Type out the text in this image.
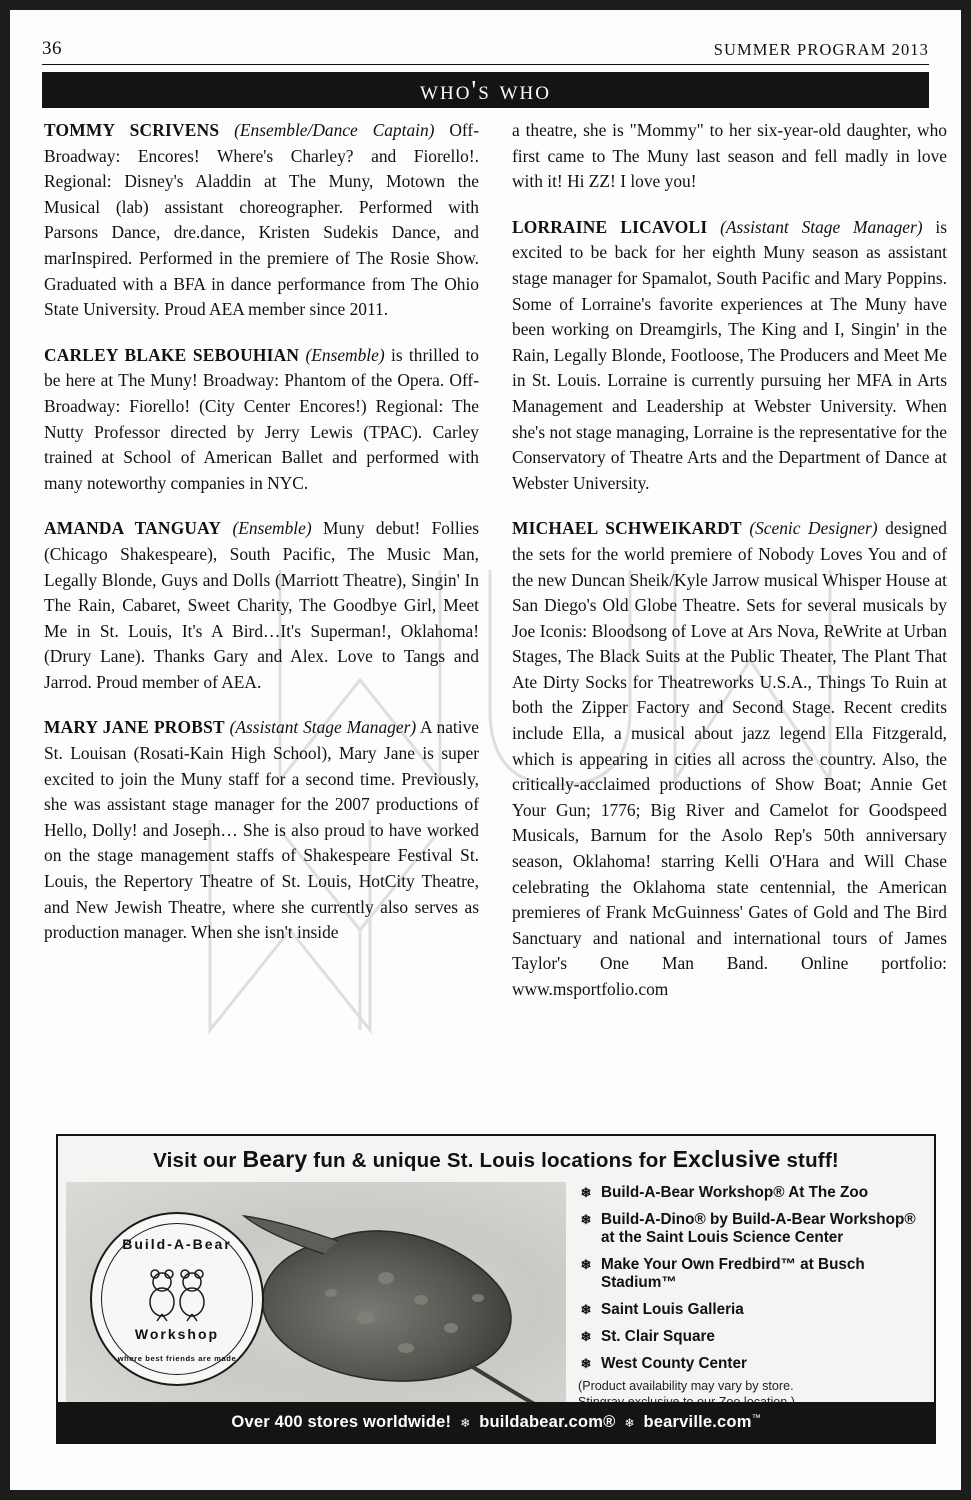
36	SUMMER PROGRAM 2013
who's who

TOMMY SCRIVENS (Ensemble/Dance Captain) Off-Broadway: Encores! Where's Charley? and Fiorello!. Regional: Disney's Aladdin at The Muny, Motown the Musical (lab) assistant choreographer. Performed with Parsons Dance, dre.dance, Kristen Sudekis Dance, and marInspired. Performed in the premiere of The Rosie Show. Graduated with a BFA in dance performance from The Ohio State University. Proud AEA member since 2011.

CARLEY BLAKE SEBOUHIAN (Ensemble) is thrilled to be here at The Muny! Broadway: Phantom of the Opera. Off-Broadway: Fiorello! (City Center Encores!) Regional: The Nutty Professor directed by Jerry Lewis (TPAC). Carley trained at School of American Ballet and performed with many noteworthy companies in NYC.

AMANDA TANGUAY (Ensemble) Muny debut! Follies (Chicago Shakespeare), South Pacific, The Music Man, Legally Blonde, Guys and Dolls (Marriott Theatre), Singin' In The Rain, Cabaret, Sweet Charity, The Goodbye Girl, Meet Me in St. Louis, It's A Bird…It's Superman!, Oklahoma! (Drury Lane). Thanks Gary and Alex. Love to Tangs and Jarrod. Proud member of AEA.

MARY JANE PROBST (Assistant Stage Manager) A native St. Louisan (Rosati-Kain High School), Mary Jane is super excited to join the Muny staff for a second time. Previously, she was assistant stage manager for the 2007 productions of Hello, Dolly! and Joseph… She is also proud to have worked on the stage management staffs of Shakespeare Festival St. Louis, the Repertory Theatre of St. Louis, HotCity Theatre, and New Jewish Theatre, where she currently also serves as production manager. When she isn't inside

a theatre, she is "Mommy" to her six-year-old daughter, who first came to The Muny last season and fell madly in love with it! Hi ZZ! I love you!

LORRAINE LICAVOLI (Assistant Stage Manager) is excited to be back for her eighth Muny season as assistant stage manager for Spamalot, South Pacific and Mary Poppins. Some of Lorraine's favorite experiences at The Muny have been working on Dreamgirls, The King and I, Singin' in the Rain, Legally Blonde, Footloose, The Producers and Meet Me in St. Louis. Lorraine is currently pursuing her MFA in Arts Management and Leadership at Webster University. When she's not stage managing, Lorraine is the representative for the Conservatory of Theatre Arts and the Department of Dance at Webster University.

MICHAEL SCHWEIKARDT (Scenic Designer) designed the sets for the world premiere of Nobody Loves You and of the new Duncan Sheik/Kyle Jarrow musical Whisper House at San Diego's Old Globe Theatre. Sets for several musicals by Joe Iconis: Bloodsong of Love at Ars Nova, ReWrite at Urban Stages, The Black Suits at the Public Theater, The Plant That Ate Dirty Socks for Theatreworks U.S.A., Things To Ruin at both the Zipper Factory and Second Stage. Recent credits include Ella, a musical about jazz legend Ella Fitzgerald, which is appearing in cities all across the country. Also, the critically-acclaimed productions of Show Boat; Annie Get Your Gun; 1776; Big River and Camelot for Goodspeed Musicals, Barnum for the Asolo Rep's 50th anniversary season, Oklahoma! starring Kelli O'Hara and Will Chase celebrating the Oklahoma state centennial, the American premieres of Frank McGuinness' Gates of Gold and The Bird Sanctuary and national and international tours of James Taylor's One Man Band. Online portfolio: www.msportfolio.com

Visit our Beary fun & unique St. Louis locations for Exclusive stuff!
Build-A-Bear
Workshop
where best friends are made
❄ Build-A-Bear Workshop® At The Zoo
❄ Build-A-Dino® by Build-A-Bear Workshop®
at the Saint Louis Science Center
❄ Make Your Own Fredbird™ at Busch Stadium™
❄ Saint Louis Galleria
❄ St. Clair Square
❄ West County Center
(Product availability may vary by store.
Over 400 stores worldwide! ❄ buildabear.com® ❄ bearville.com™
